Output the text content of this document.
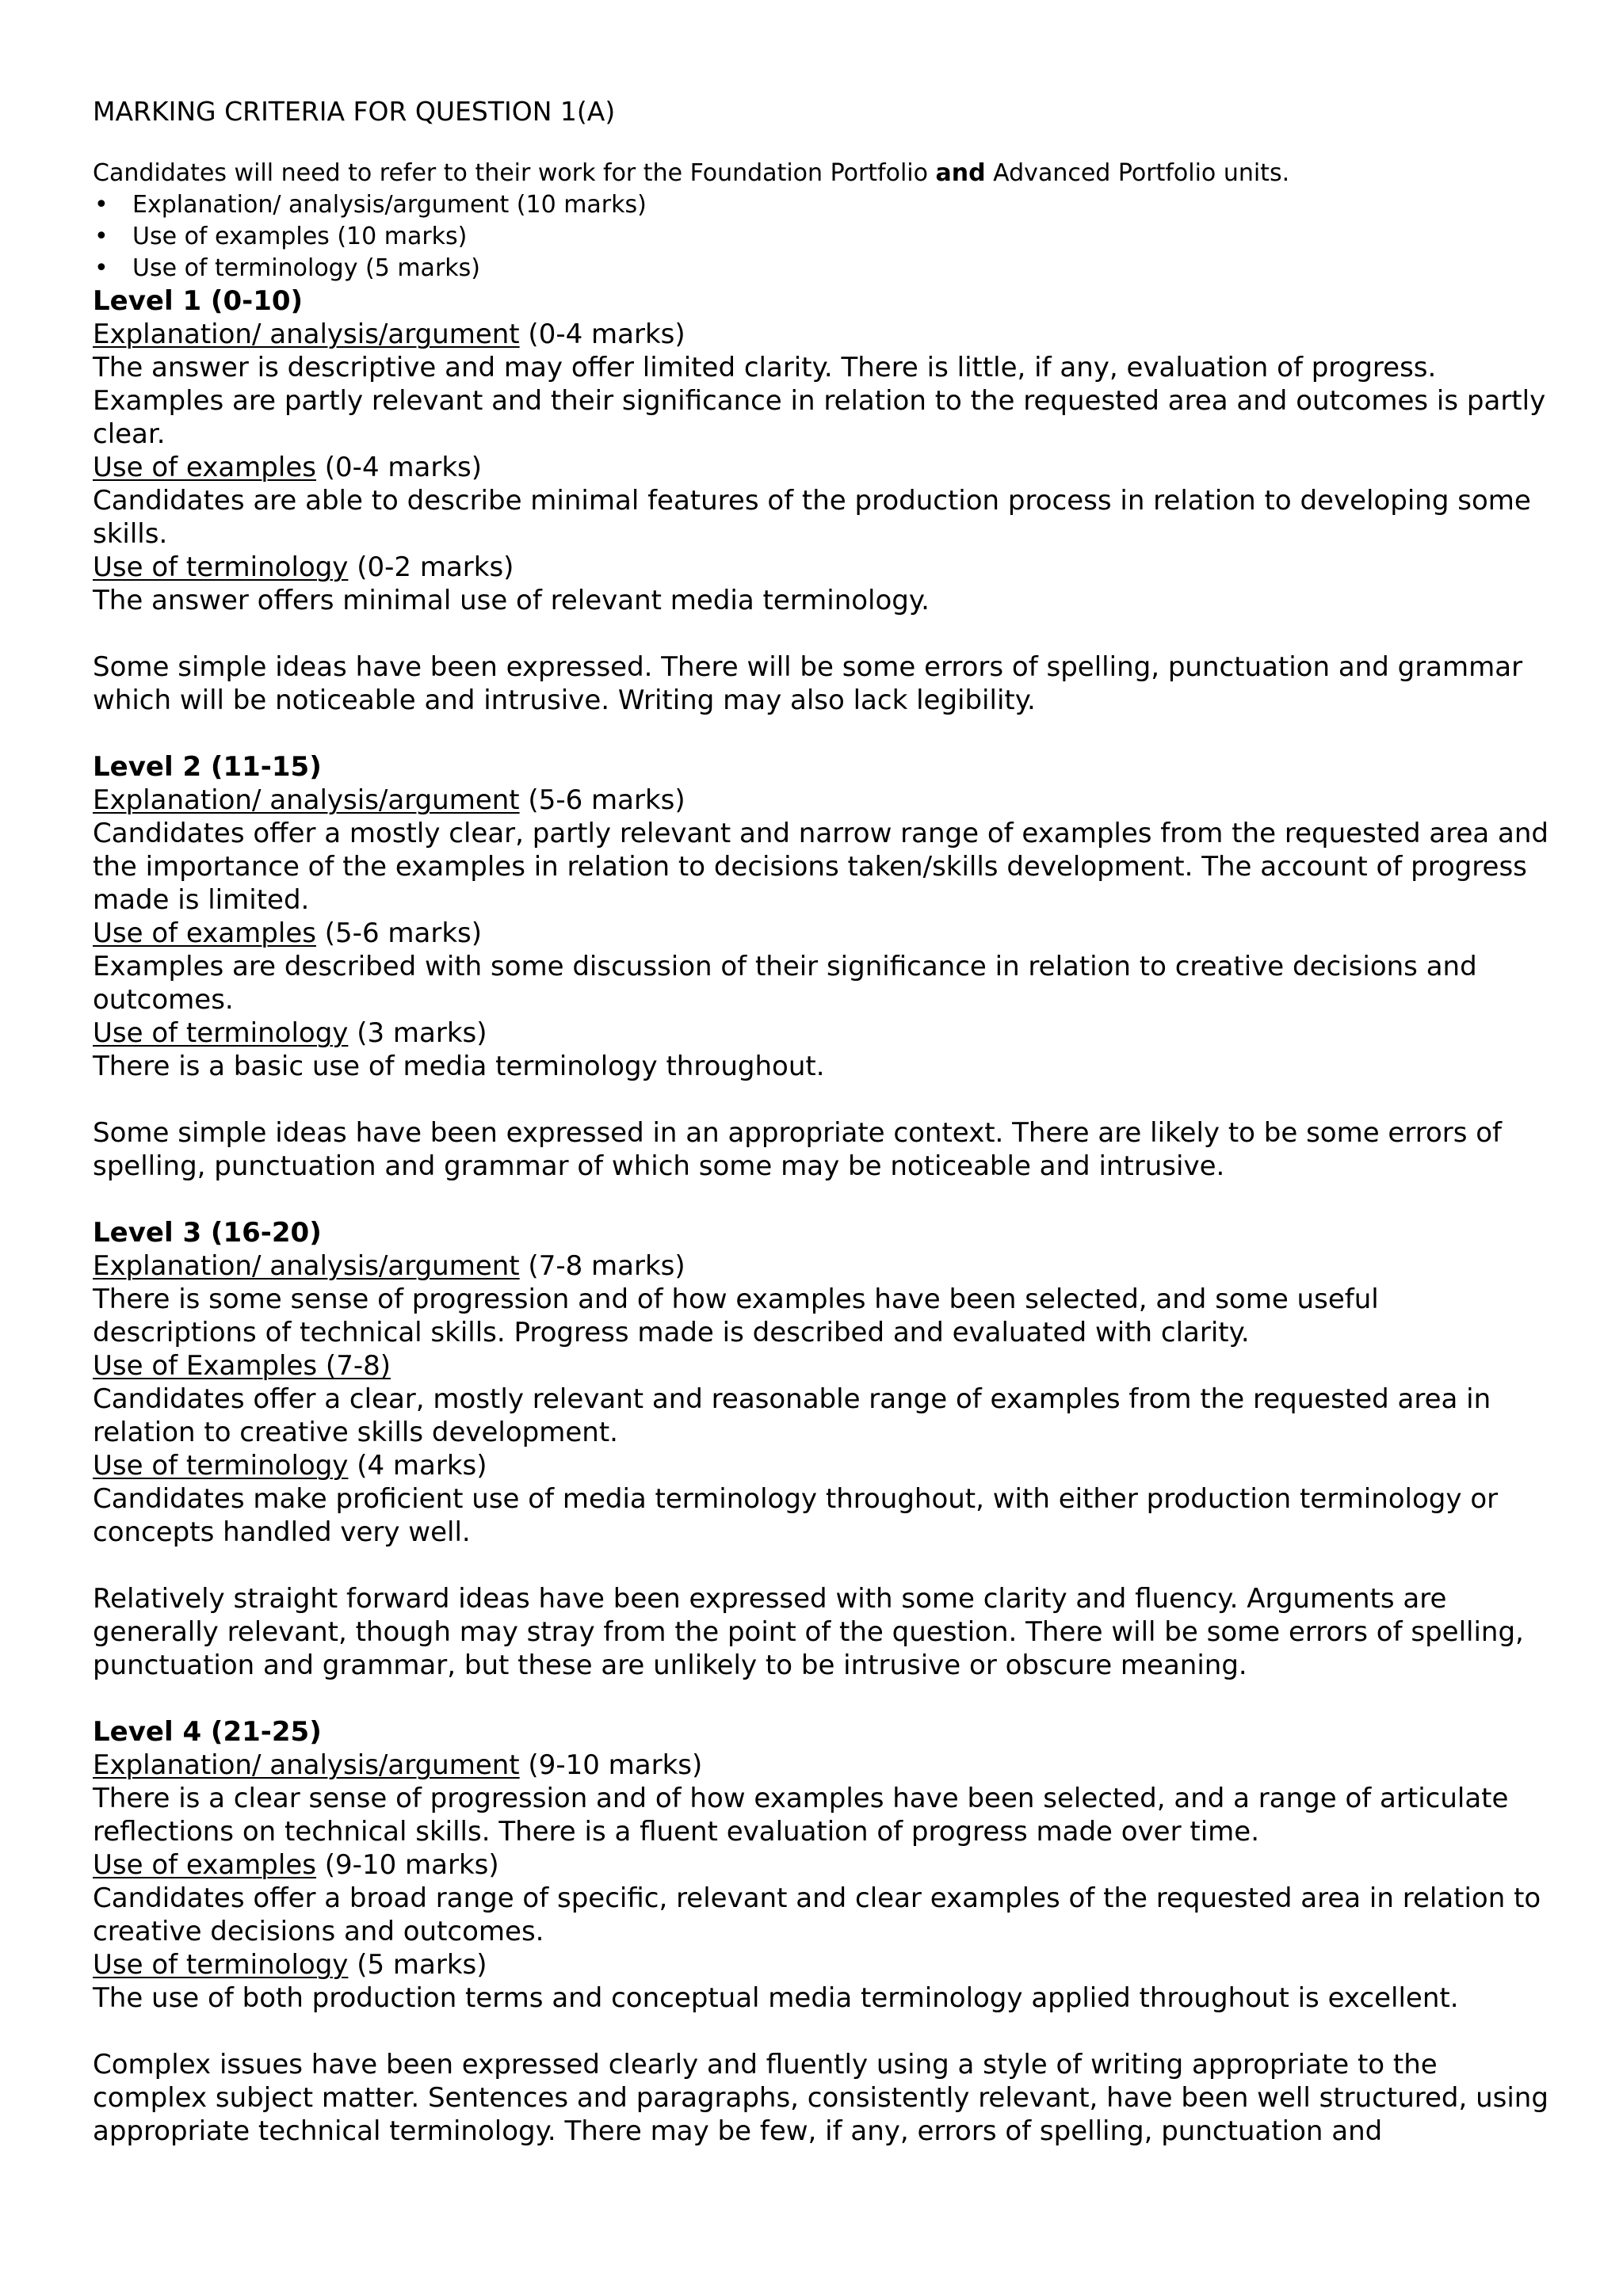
MARKING CRITERIA FOR QUESTION 1(A)

Candidates will need to refer to their work for the Foundation Portfolio and Advanced Portfolio units.

• Explanation/ analysis/argument (10 marks)
• Use of examples (10 marks)
• Use of terminology (5 marks)

Level 1 (0-10)

Explanation/ analysis/argument (0-4 marks)

The answer is descriptive and may offer limited clarity. There is little, if any, evaluation of progress. Examples are partly relevant and their significance in relation to the requested area and outcomes is partly clear.

Use of examples (0-4 marks)

Candidates are able to describe minimal features of the production process in relation to developing some skills.

Use of terminology (0-2 marks)

The answer offers minimal use of relevant media terminology.

Some simple ideas have been expressed. There will be some errors of spelling, punctuation and grammar which will be noticeable and intrusive. Writing may also lack legibility.

Level 2 (11-15)

Explanation/ analysis/argument (5-6 marks)

Candidates offer a mostly clear, partly relevant and narrow range of examples from the requested area and the importance of the examples in relation to decisions taken/skills development. The account of progress made is limited.

Use of examples (5-6 marks)

Examples are described with some discussion of their significance in relation to creative decisions and outcomes.

Use of terminology (3 marks)

There is a basic use of media terminology throughout.

Some simple ideas have been expressed in an appropriate context. There are likely to be some errors of spelling, punctuation and grammar of which some may be noticeable and intrusive.

Level 3 (16-20)

Explanation/ analysis/argument (7-8 marks)

There is some sense of progression and of how examples have been selected, and some useful descriptions of technical skills. Progress made is described and evaluated with clarity.

Use of Examples (7-8)

Candidates offer a clear, mostly relevant and reasonable range of examples from the requested area in relation to creative skills development.

Use of terminology (4 marks)

Candidates make proficient use of media terminology throughout, with either production terminology or concepts handled very well.

Relatively straight forward ideas have been expressed with some clarity and fluency. Arguments are generally relevant, though may stray from the point of the question. There will be some errors of spelling, punctuation and grammar, but these are unlikely to be intrusive or obscure meaning.

Level 4 (21-25)

Explanation/ analysis/argument (9-10 marks)

There is a clear sense of progression and of how examples have been selected, and a range of articulate reflections on technical skills. There is a fluent evaluation of progress made over time.

Use of examples (9-10 marks)

Candidates offer a broad range of specific, relevant and clear examples of the requested area in relation to creative decisions and outcomes.

Use of terminology (5 marks)

The use of both production terms and conceptual media terminology applied throughout is excellent.

Complex issues have been expressed clearly and fluently using a style of writing appropriate to the complex subject matter. Sentences and paragraphs, consistently relevant, have been well structured, using appropriate technical terminology. There may be few, if any, errors of spelling, punctuation and
